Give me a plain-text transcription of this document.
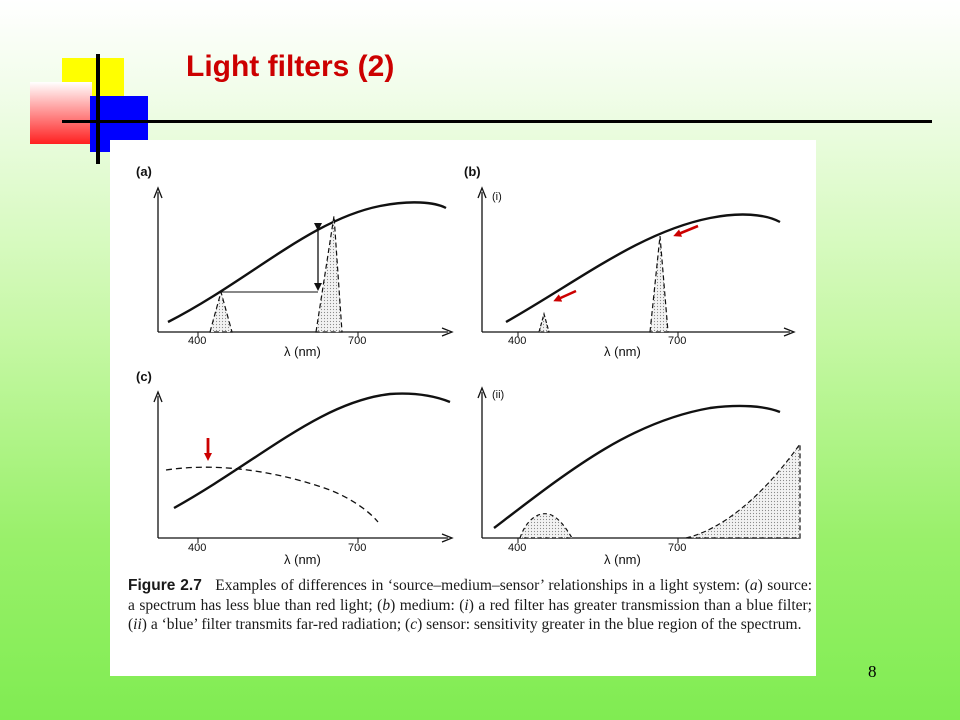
Light filters (2)
(a)
400	700
λ (nm)
(b)
(i)
400	700
λ (nm)
(c)
400	700
λ (nm)
(ii)
400	700
λ (nm)

Figure 2.7 Examples of differences in ‘source–medium–sensor’ relationships in a light system: (a) source: a spectrum has less blue than red light; (b) medium: (i) a red filter has greater transmission than a blue filter; (ii) a ‘blue’ filter transmits far-red radiation; (c) sensor: sensitivity greater in the blue region of the spectrum.

8
